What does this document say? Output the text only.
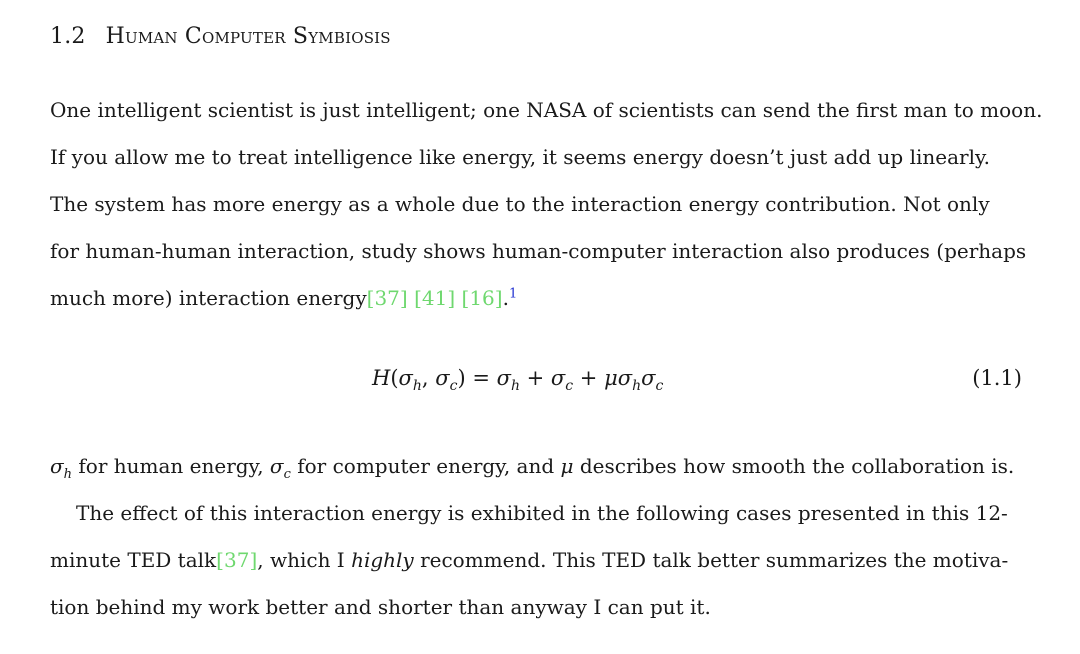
1.2 Human Computer Symbiosis
One intelligent scientist is just intelligent; one NASA of scientists can send the first man to moon.
If you allow me to treat intelligence like energy, it seems energy doesn’t just add up linearly.
The system has more energy as a whole due to the interaction energy contribution. Not only
for human-human interaction, study shows human-computer interaction also produces (perhaps
much more) interaction energy[37] [41] [16].$^1$
$H(\sigma_h$, $\sigma_c) = \sigma_h + \sigma_c + \mu\sigma_h\sigma_c$	(1.1)
$\sigma_h$ for human energy, $\sigma_c$ for computer energy, and μ describes how smooth the collaboration is.
The effect of this interaction energy is exhibited in the following cases presented in this 12-
minute TED talk[37], which I highly recommend. This TED talk better summarizes the motiva-
tion behind my work better and shorter than anyway I can put it.
